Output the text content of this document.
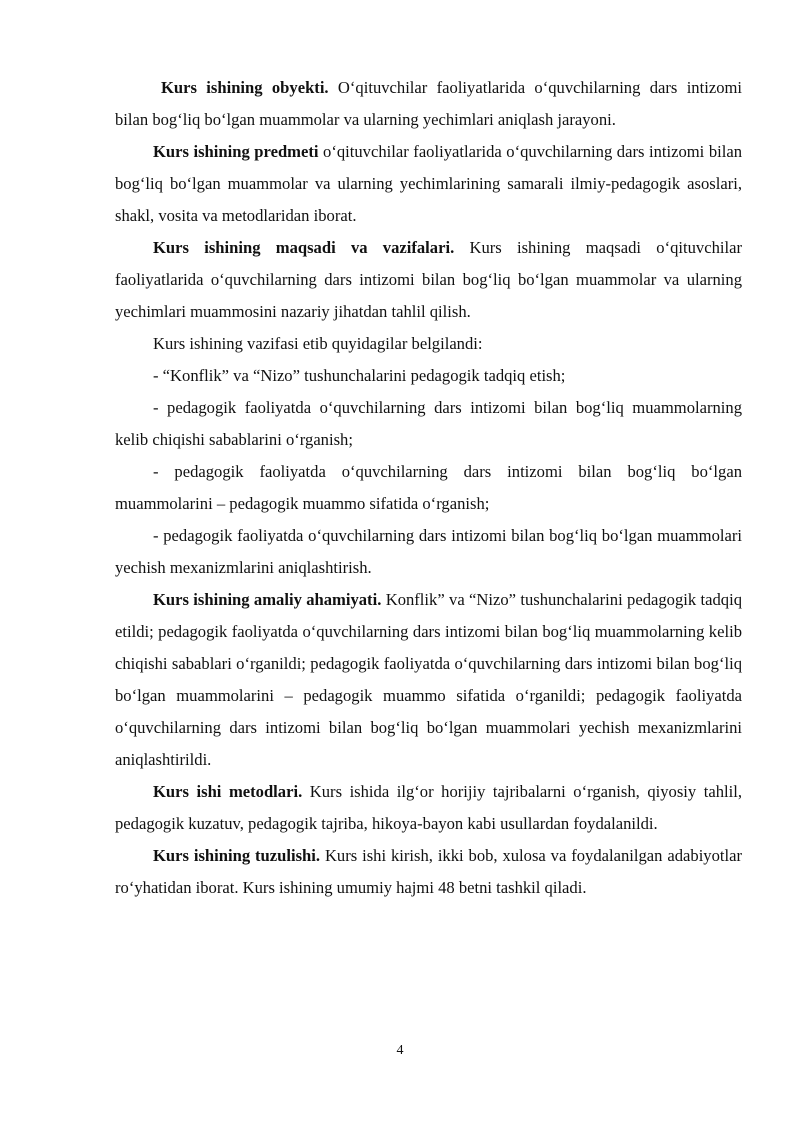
Kurs ishining obyekti. O‘qituvchilar faoliyatlarida o‘quvchilarning dars intizomi bilan bog‘liq bo‘lgan muammolar va ularning yechimlari aniqlash jarayoni.

Kurs ishining predmeti o‘qituvchilar faoliyatlarida o‘quvchilarning dars intizomi bilan bog‘liq bo‘lgan muammolar va ularning yechimlarining samarali ilmiy-pedagogik asoslari, shakl, vosita va metodlaridan iborat.

Kurs ishining maqsadi va vazifalari. Kurs ishining maqsadi o‘qituvchilar faoliyatlarida o‘quvchilarning dars intizomi bilan bog‘liq bo‘lgan muammolar va ularning yechimlari muammosini nazariy jihatdan tahlil qilish.

Kurs ishining vazifasi etib quyidagilar belgilandi:

- “Konflik” va “Nizo” tushunchalarini pedagogik tadqiq etish;

- pedagogik faoliyatda o‘quvchilarning dars intizomi bilan bog‘liq muammolarning kelib chiqishi sabablarini o‘rganish;

- pedagogik faoliyatda o‘quvchilarning dars intizomi bilan bog‘liq bo‘lgan muammolarini – pedagogik muammo sifatida o‘rganish;

- pedagogik faoliyatda o‘quvchilarning dars intizomi bilan bog‘liq bo‘lgan muammolari yechish mexanizmlarini aniqlashtirish.

Kurs ishining amaliy ahamiyati. Konflik” va “Nizo” tushunchalarini pedagogik tadqiq etildi; pedagogik faoliyatda o‘quvchilarning dars intizomi bilan bog‘liq muammolarning kelib chiqishi sabablari o‘rganildi; pedagogik faoliyatda o‘quvchilarning dars intizomi bilan bog‘liq bo‘lgan muammolarini – pedagogik muammo sifatida o‘rganildi; pedagogik faoliyatda o‘quvchilarning dars intizomi bilan bog‘liq bo‘lgan muammolari yechish mexanizmlarini aniqlashtirildi.

Kurs ishi metodlari. Kurs ishida ilg‘or horijiy tajribalarni o‘rganish, qiyosiy tahlil, pedagogik kuzatuv, pedagogik tajriba, hikoya-bayon kabi usullardan foydalanildi.

Kurs ishining tuzulishi. Kurs ishi kirish, ikki bob, xulosa va foydalanilgan adabiyotlar ro‘yhatidan iborat. Kurs ishining umumiy hajmi 48 betni tashkil qiladi.

4
